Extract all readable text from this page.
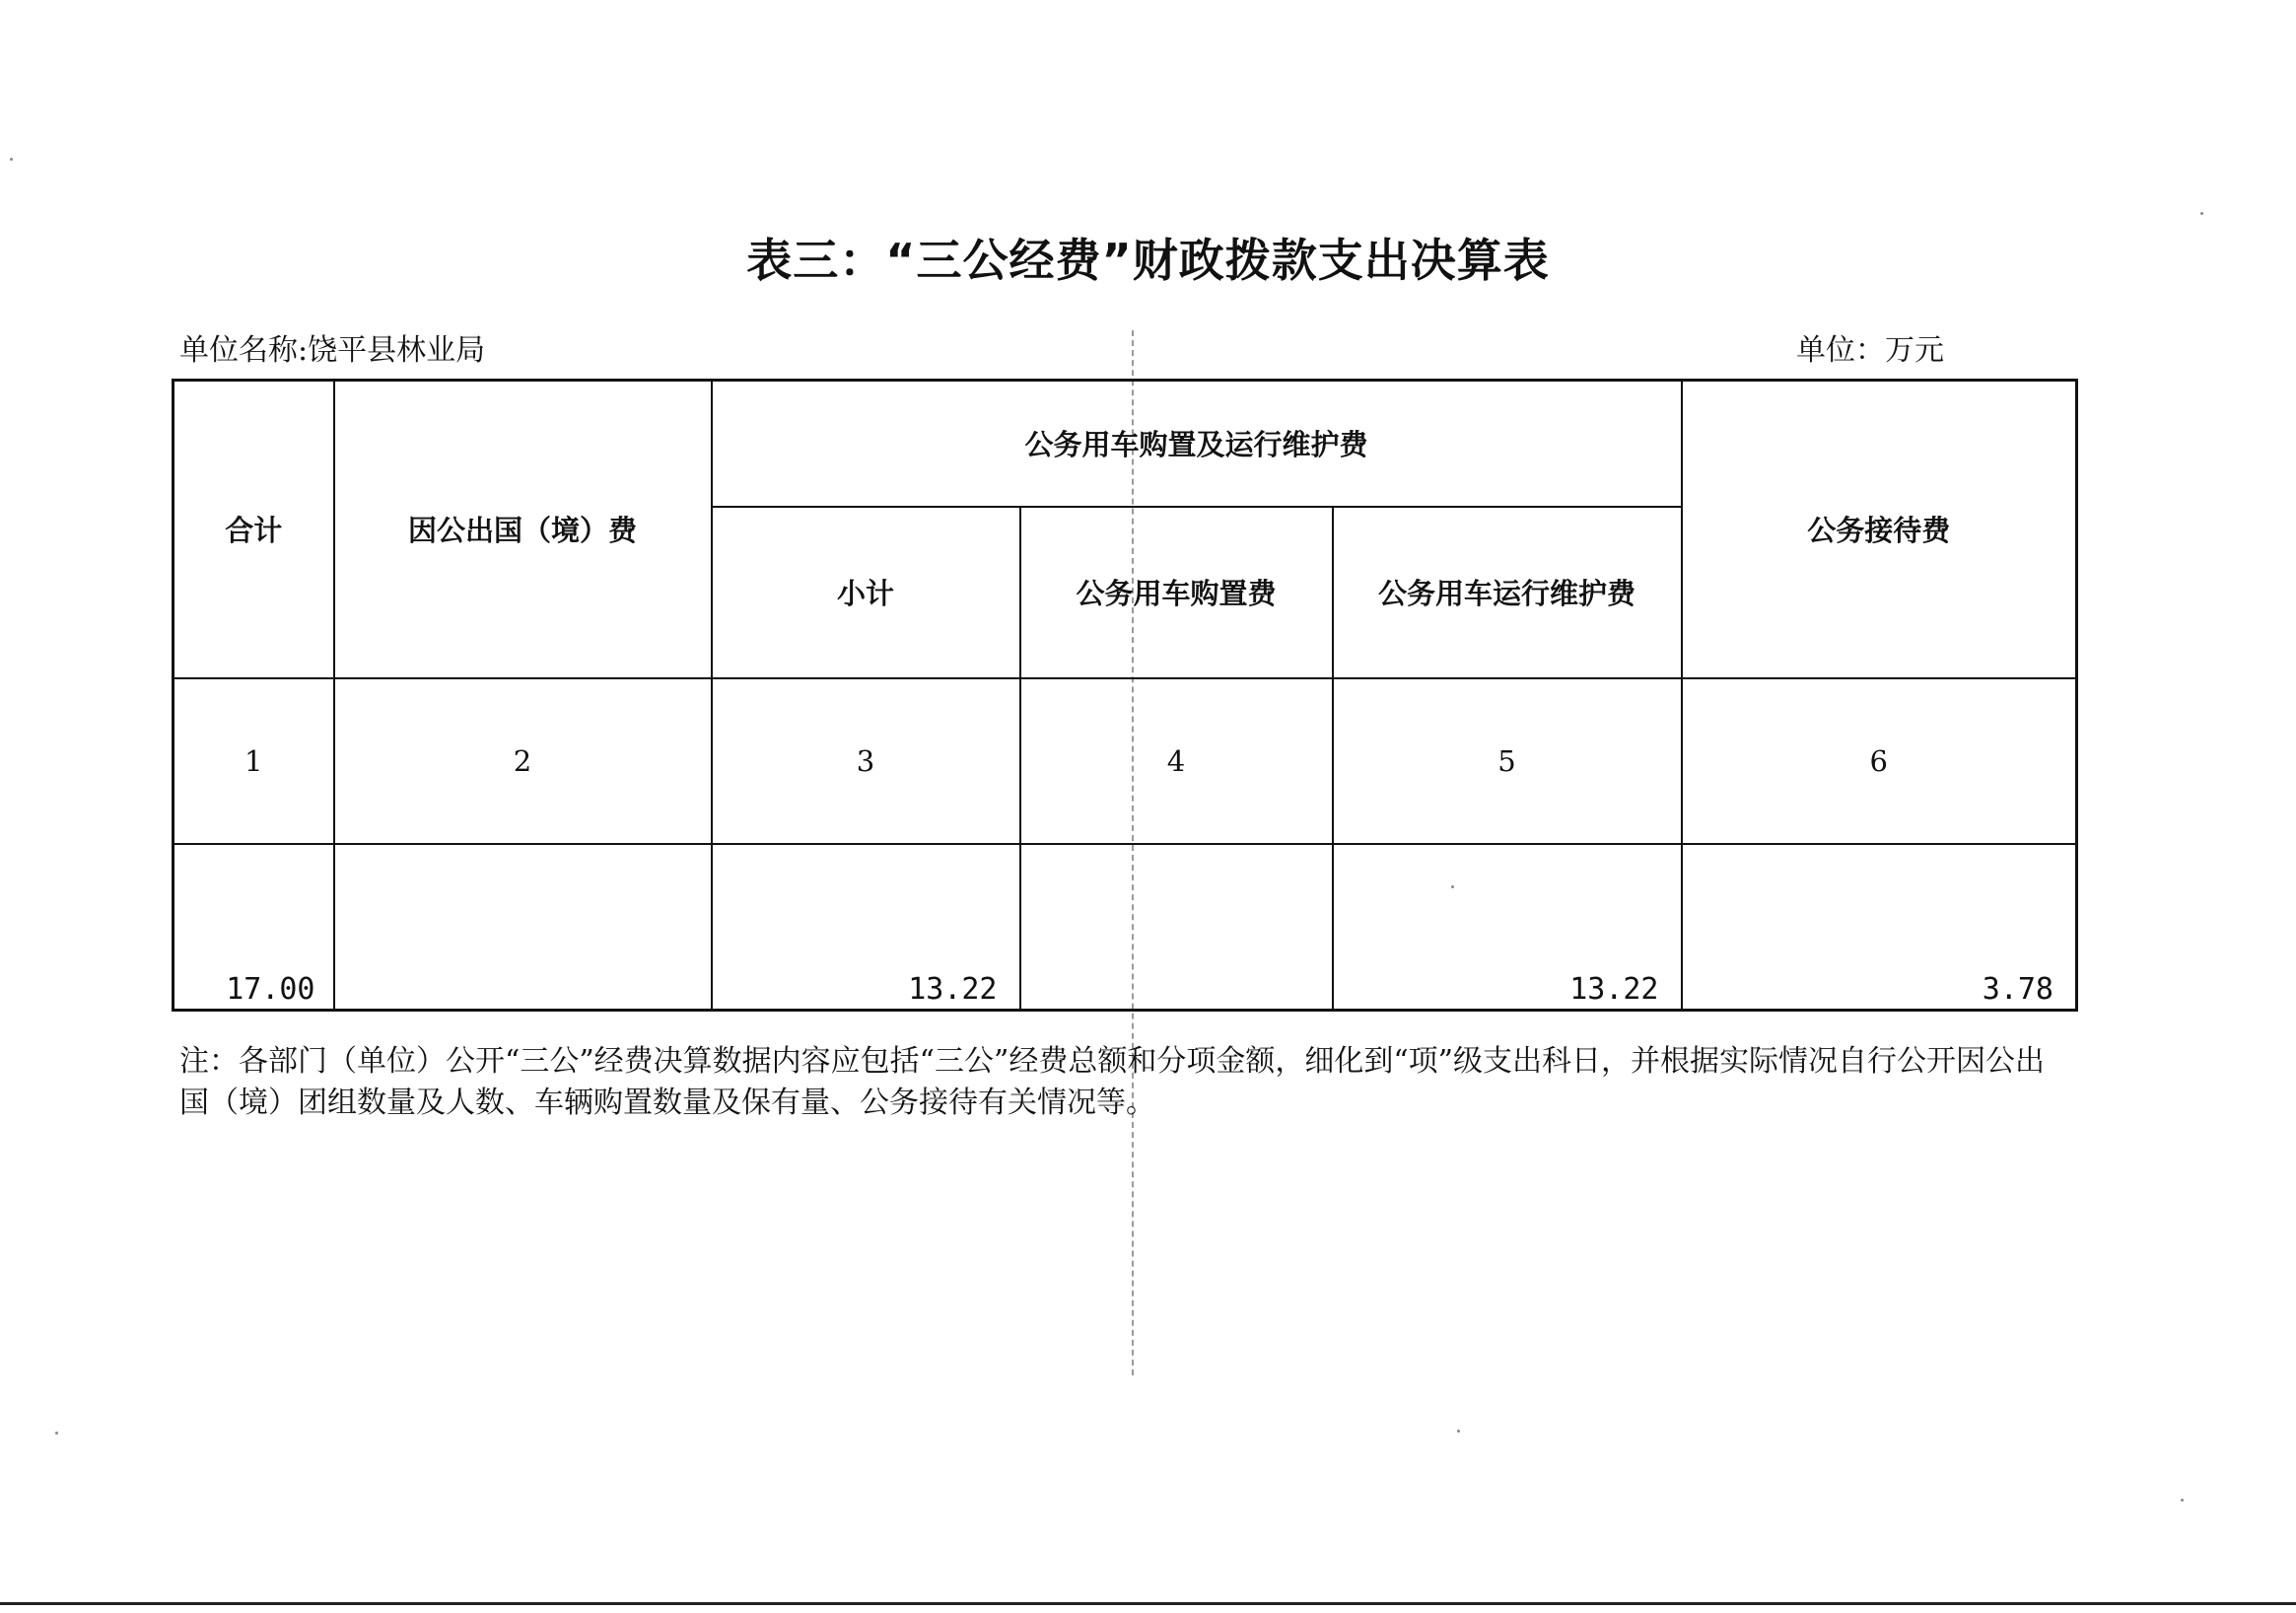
表三：“三公经费”财政拨款支出决算表
单位名称:饶平县林业局	单位：万元
合计	因公出国（境）费	公务用车购置及运行维护费			公务接待费
		小计	公务用车购置费	公务用车运行维护费	
1	2	3	4	5	6
17.00		13.22		13.22	3.78
注：各部门（单位）公开“三公”经费决算数据内容应包括“三公”经费总额和分项金额，细化到“项”级支出科日，并根据实际情况自行公开因公出国（境）团组数量及人数、车辆购置数量及保有量、公务接待有关情况等。
